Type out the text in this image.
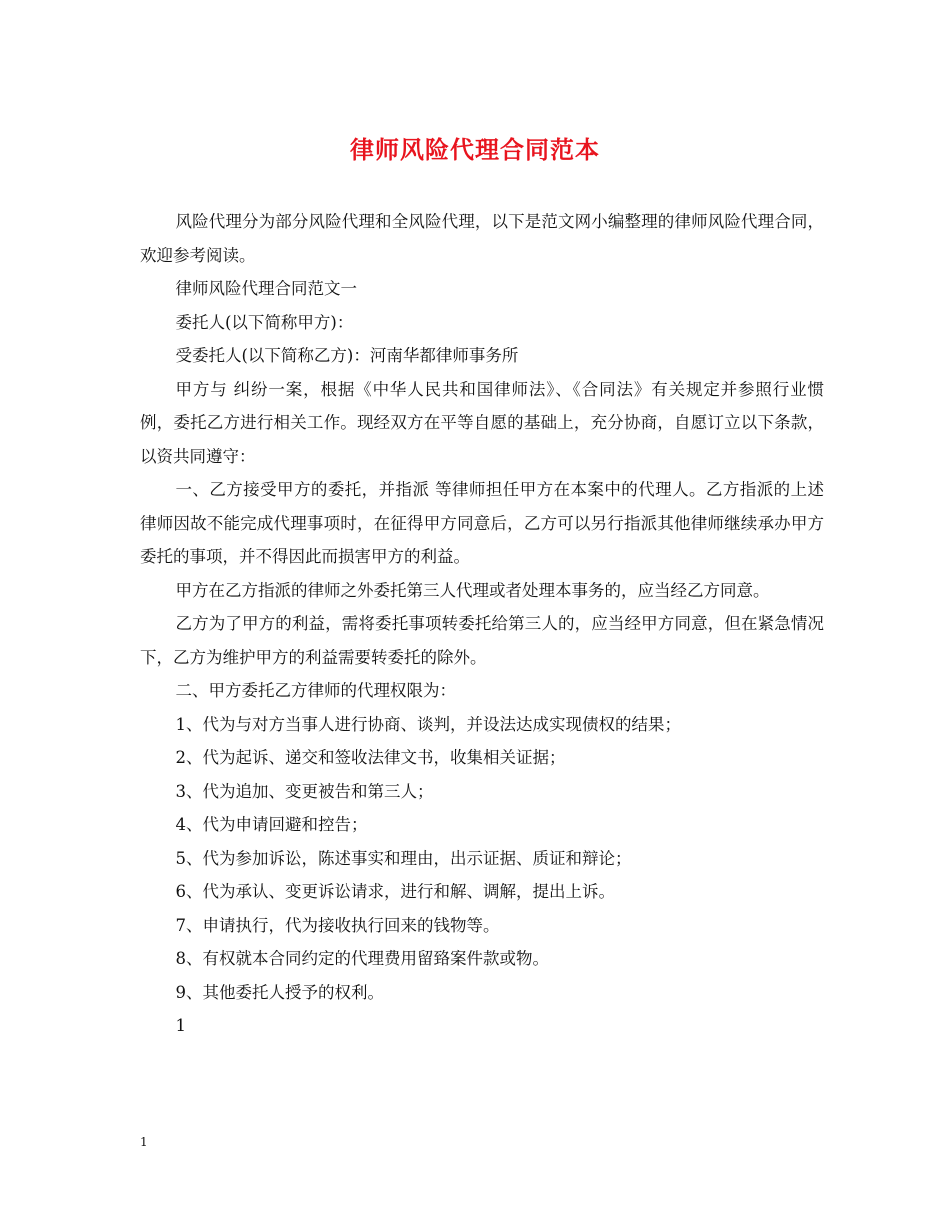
律师风险代理合同范本

风险代理分为部分风险代理和全风险代理，以下是范文网小编整理的律师风险代理合同，欢迎参考阅读。

律师风险代理合同范文一

委托人(以下简称甲方)：

受委托人(以下简称乙方)：河南华都律师事务所

甲方与 纠纷一案，根据《中华人民共和国律师法》、《合同法》有关规定并参照行业惯例，委托乙方进行相关工作。现经双方在平等自愿的基础上，充分协商，自愿订立以下条款，以资共同遵守：

一、乙方接受甲方的委托，并指派 等律师担任甲方在本案中的代理人。乙方指派的上述律师因故不能完成代理事项时，在征得甲方同意后，乙方可以另行指派其他律师继续承办甲方委托的事项，并不得因此而损害甲方的利益。

甲方在乙方指派的律师之外委托第三人代理或者处理本事务的，应当经乙方同意。

乙方为了甲方的利益，需将委托事项转委托给第三人的，应当经甲方同意，但在紧急情况下，乙方为维护甲方的利益需要转委托的除外。

二、甲方委托乙方律师的代理权限为：

1、代为与对方当事人进行协商、谈判，并设法达成实现债权的结果；

2、代为起诉、递交和签收法律文书，收集相关证据；

3、代为追加、变更被告和第三人；

4、代为申请回避和控告；

5、代为参加诉讼，陈述事实和理由，出示证据、质证和辩论；

6、代为承认、变更诉讼请求，进行和解、调解，提出上诉。

7、申请执行，代为接收执行回来的钱物等。

8、有权就本合同约定的代理费用留臵案件款或物。

9、其他委托人授予的权利。

1

1
